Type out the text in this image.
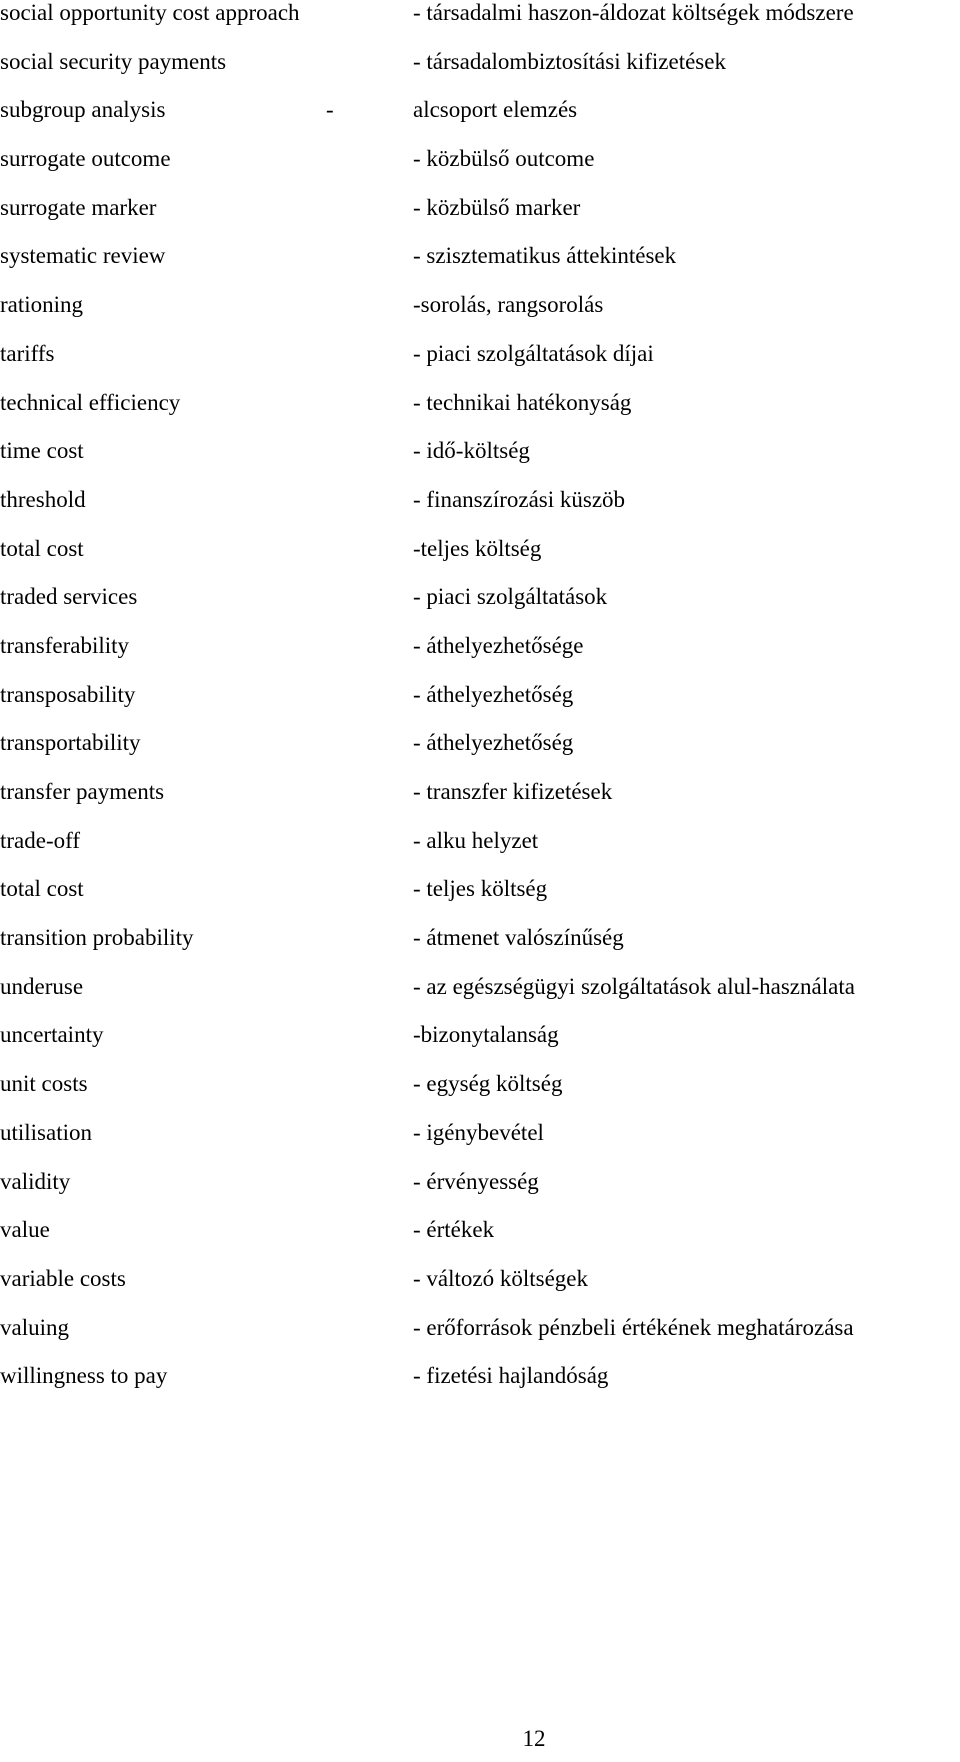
social opportunity cost approach	- társadalmi haszon-áldozat költségek módszere
social security payments	- társadalombiztosítási kifizetések
subgroup analysis	-	alcsoport elemzés
surrogate outcome	- közbülső outcome
surrogate marker	- közbülső marker
systematic review	- szisztematikus áttekintések
rationing	-sorolás, rangsorolás
tariffs	- piaci szolgáltatások díjai
technical efficiency	- technikai hatékonyság
time cost	- idő-költség
threshold	- finanszírozási küszöb
total cost	-teljes költség
traded services	- piaci szolgáltatások
transferability	- áthelyezhetősége
transposability	- áthelyezhetőség
transportability	- áthelyezhetőség
transfer payments	- transzfer kifizetések
trade-off	- alku helyzet
total cost	- teljes költség
transition probability	- átmenet valószínűség
underuse	- az egészségügyi szolgáltatások alul-használata
uncertainty	-bizonytalanság
unit costs	- egység költség
utilisation	- igénybevétel
validity	- érvényesség
value	- értékek
variable costs	- változó költségek
valuing	- erőforrások pénzbeli értékének meghatározása
willingness to pay	- fizetési hajlandóság
12
